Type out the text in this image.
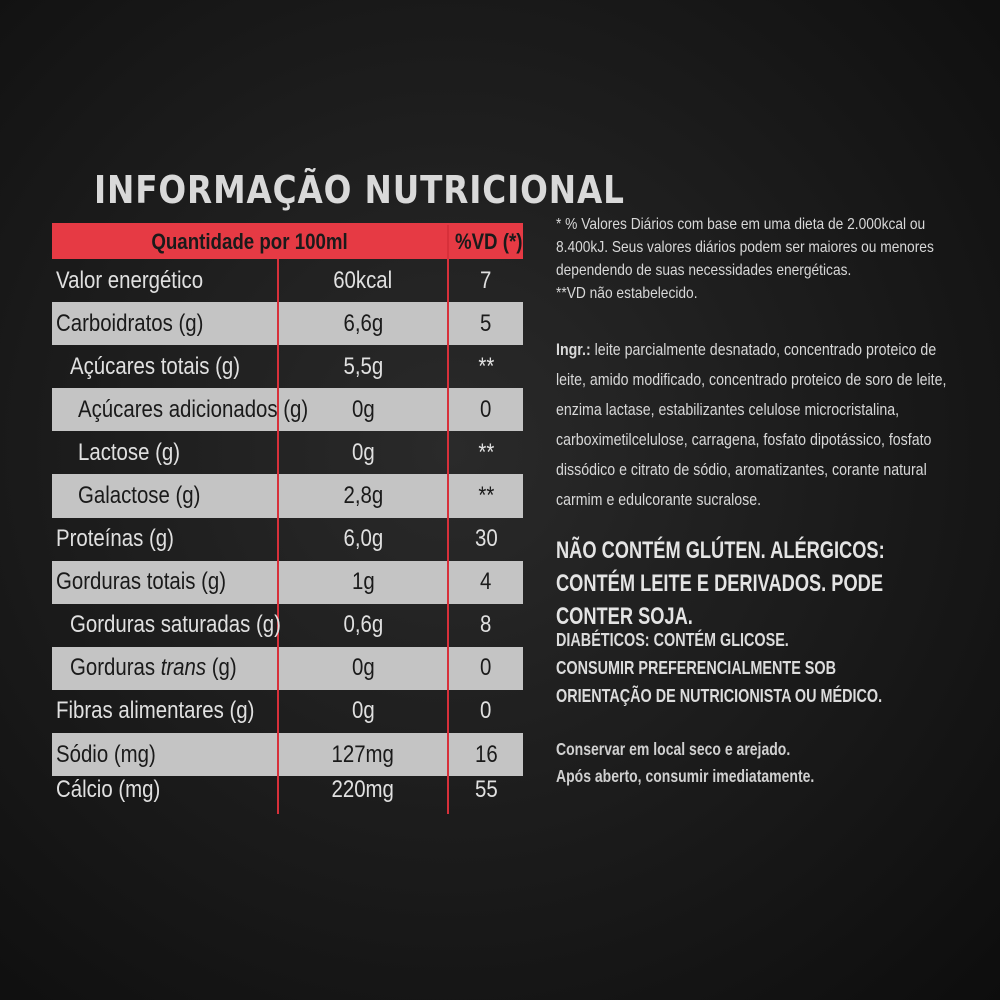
INFORMAÇÃO NUTRICIONAL
Quantidade por 100ml		%VD (*)
Valor energético	60kcal	7
Carboidratos (g)	6,6g	5
Açúcares totais (g)	5,5g	**
Açúcares adicionados (g)	0g	0
Lactose (g)	0g	**
Galactose (g)	2,8g	**
Proteínas (g)	6,0g	30
Gorduras totais (g)	1g	4
Gorduras saturadas (g)	0,6g	8
Gorduras trans (g)	0g	0
Fibras alimentares (g)	0g	0
Sódio (mg)	127mg	16
Cálcio (mg)	220mg	55

* % Valores Diários com base em uma dieta de 2.000kcal ou 8.400kJ. Seus valores diários podem ser maiores ou menores dependendo de suas necessidades energéticas.

**VD não estabelecido.

Ingr.: leite parcialmente desnatado, concentrado proteico de leite, amido modificado, concentrado proteico de soro de leite, enzima lactase, estabilizantes celulose microcristalina, carboximetilcelulose, carragena, fosfato dipotássico, fosfato dissódico e citrato de sódio, aromatizantes, corante natural carmim e edulcorante sucralose.

NÃO CONTÉM GLÚTEN. ALÉRGICOS: CONTÉM LEITE E DERIVADOS. PODE CONTER SOJA.

DIABÉTICOS: CONTÉM GLICOSE.

CONSUMIR PREFERENCIALMENTE SOB ORIENTAÇÃO DE NUTRICIONISTA OU MÉDICO.

Conservar em local seco e arejado.

Após aberto, consumir imediatamente.
